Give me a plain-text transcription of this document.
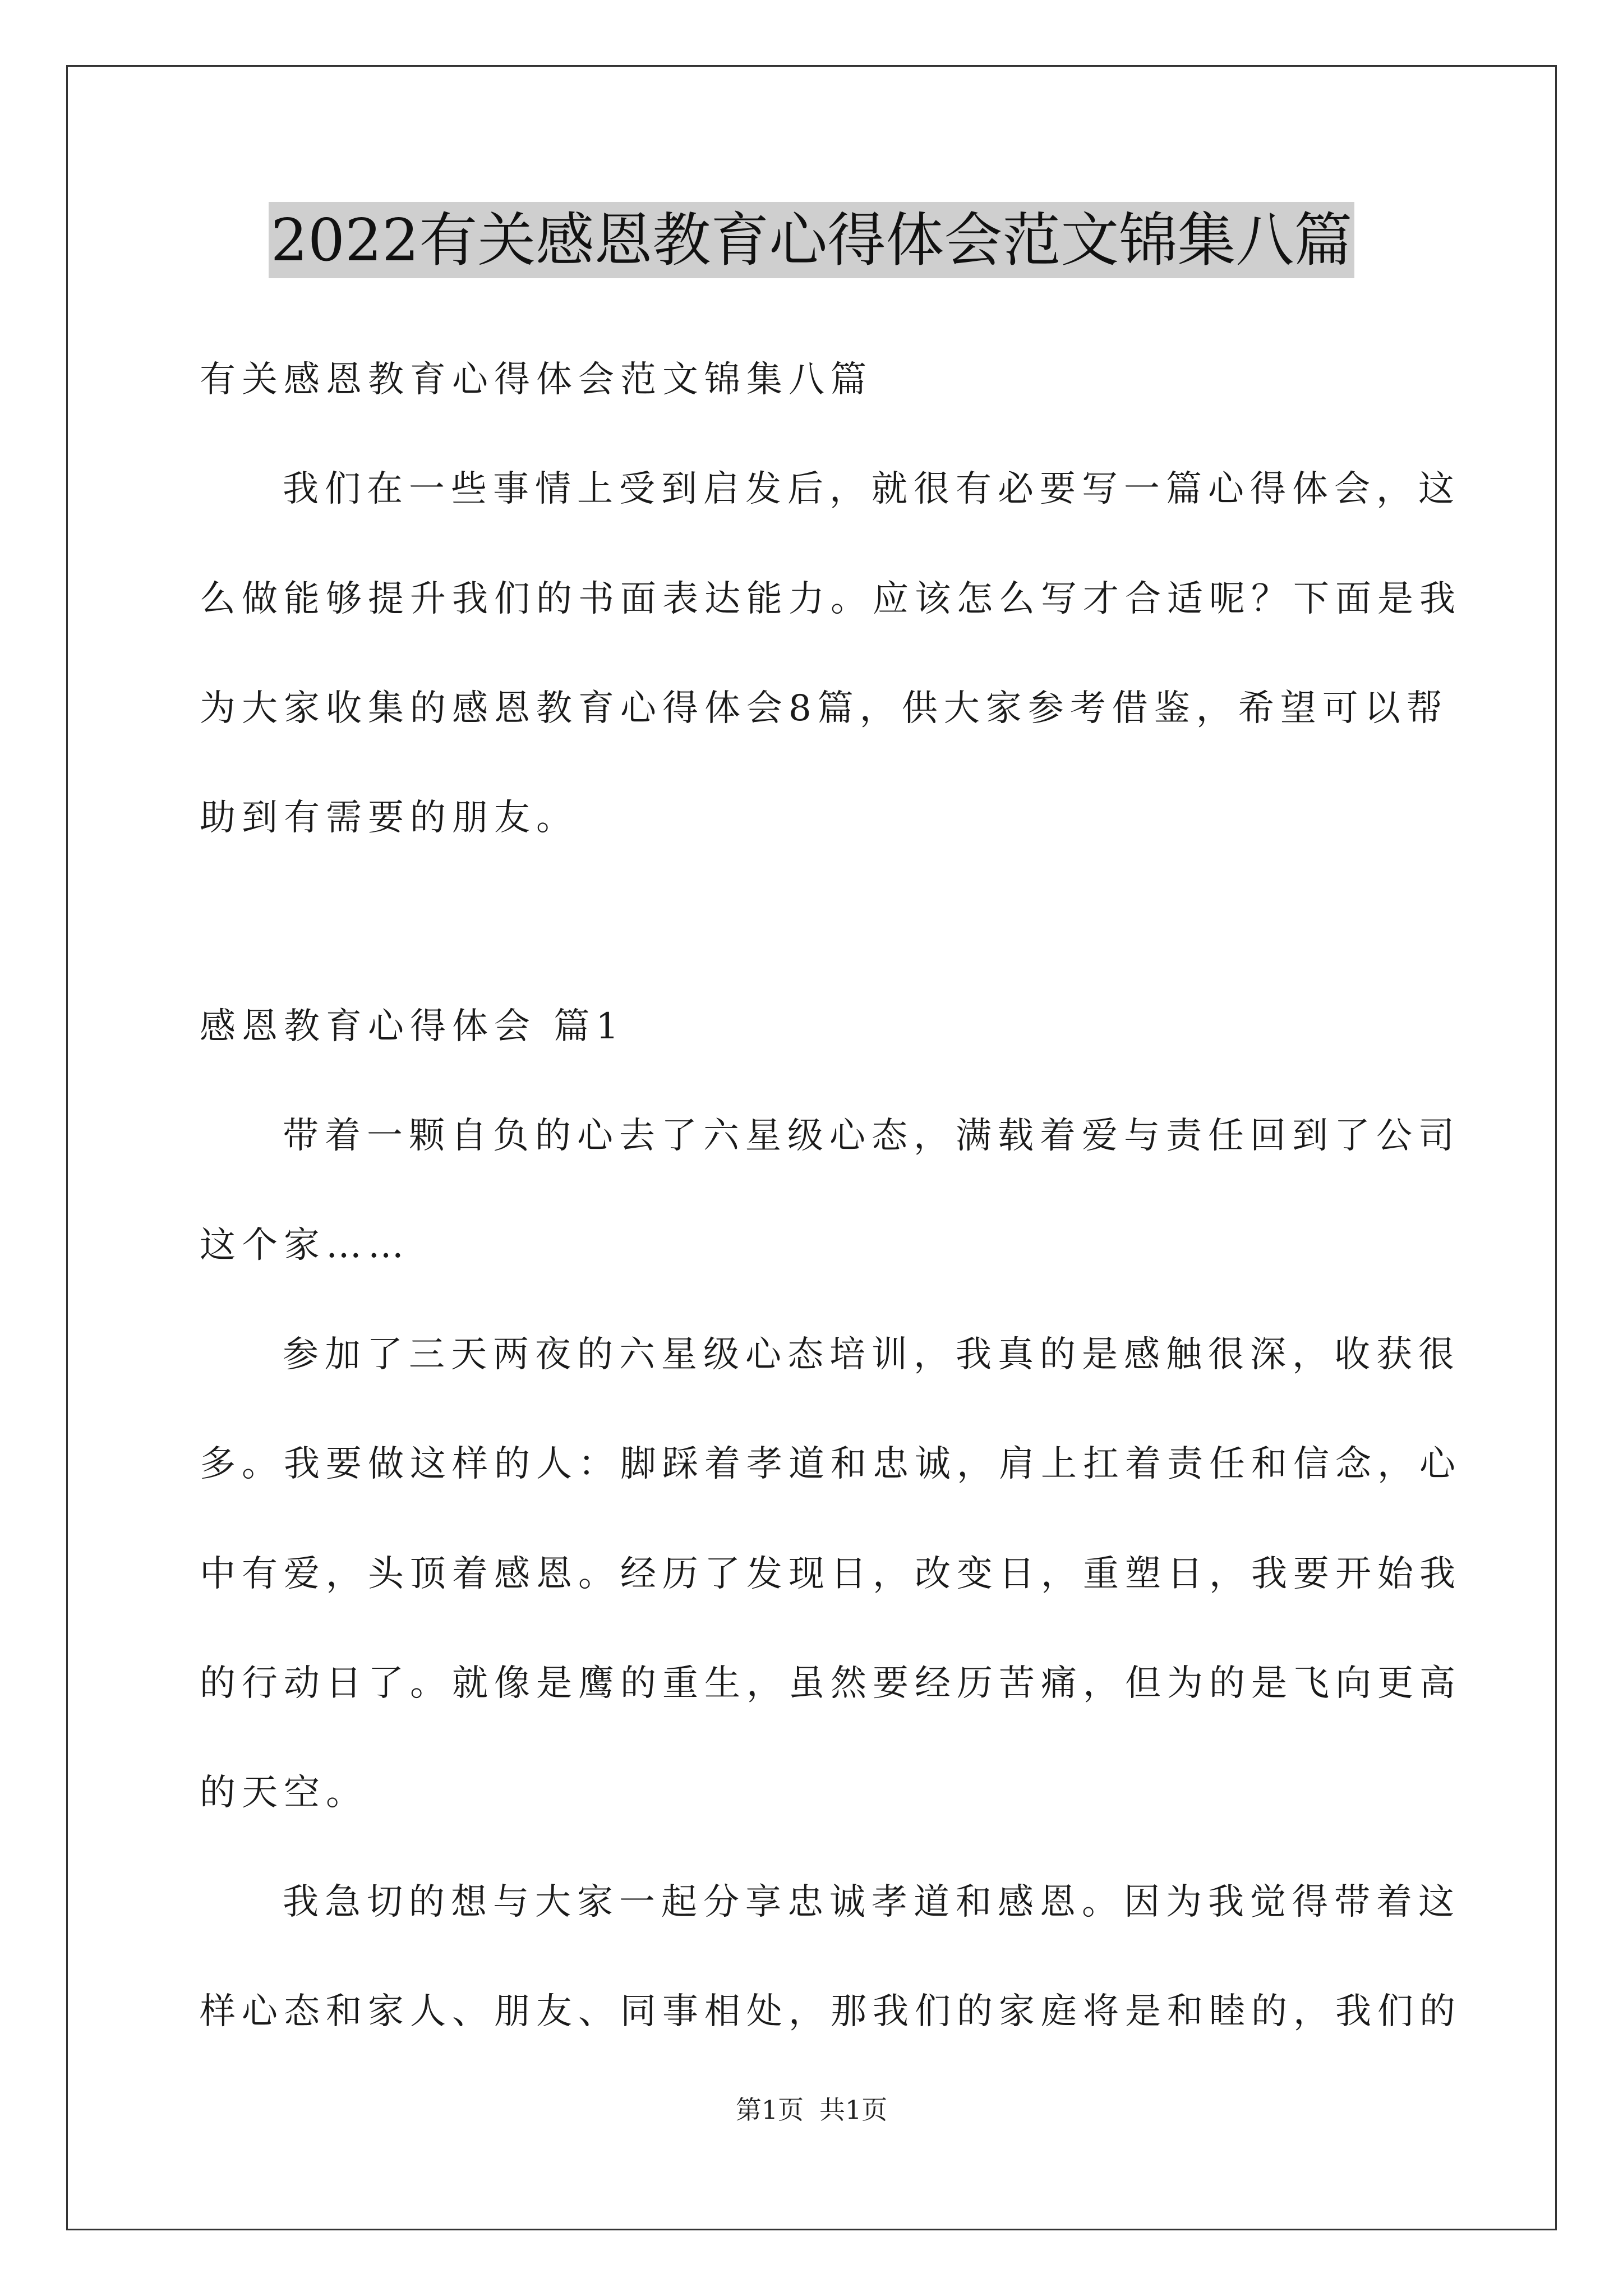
2022有关感恩教育心得体会范文锦集八篇
有关感恩教育心得体会范文锦集八篇
我们在一些事情上受到启发后，就很有必要写一篇心得体会，这
么做能够提升我们的书面表达能力。应该怎么写才合适呢？下面是我
为大家收集的感恩教育心得体会8篇，供大家参考借鉴，希望可以帮
助到有需要的朋友。
感恩教育心得体会 篇1
带着一颗自负的心去了六星级心态，满载着爱与责任回到了公司
这个家……
参加了三天两夜的六星级心态培训，我真的是感触很深，收获很
多。我要做这样的人：脚踩着孝道和忠诚，肩上扛着责任和信念，心
中有爱，头顶着感恩。经历了发现日，改变日，重塑日，我要开始我
的行动日了。就像是鹰的重生，虽然要经历苦痛，但为的是飞向更高
的天空。
我急切的想与大家一起分享忠诚孝道和感恩。因为我觉得带着这
样心态和家人、朋友、同事相处，那我们的家庭将是和睦的，我们的
第1页 共1页
